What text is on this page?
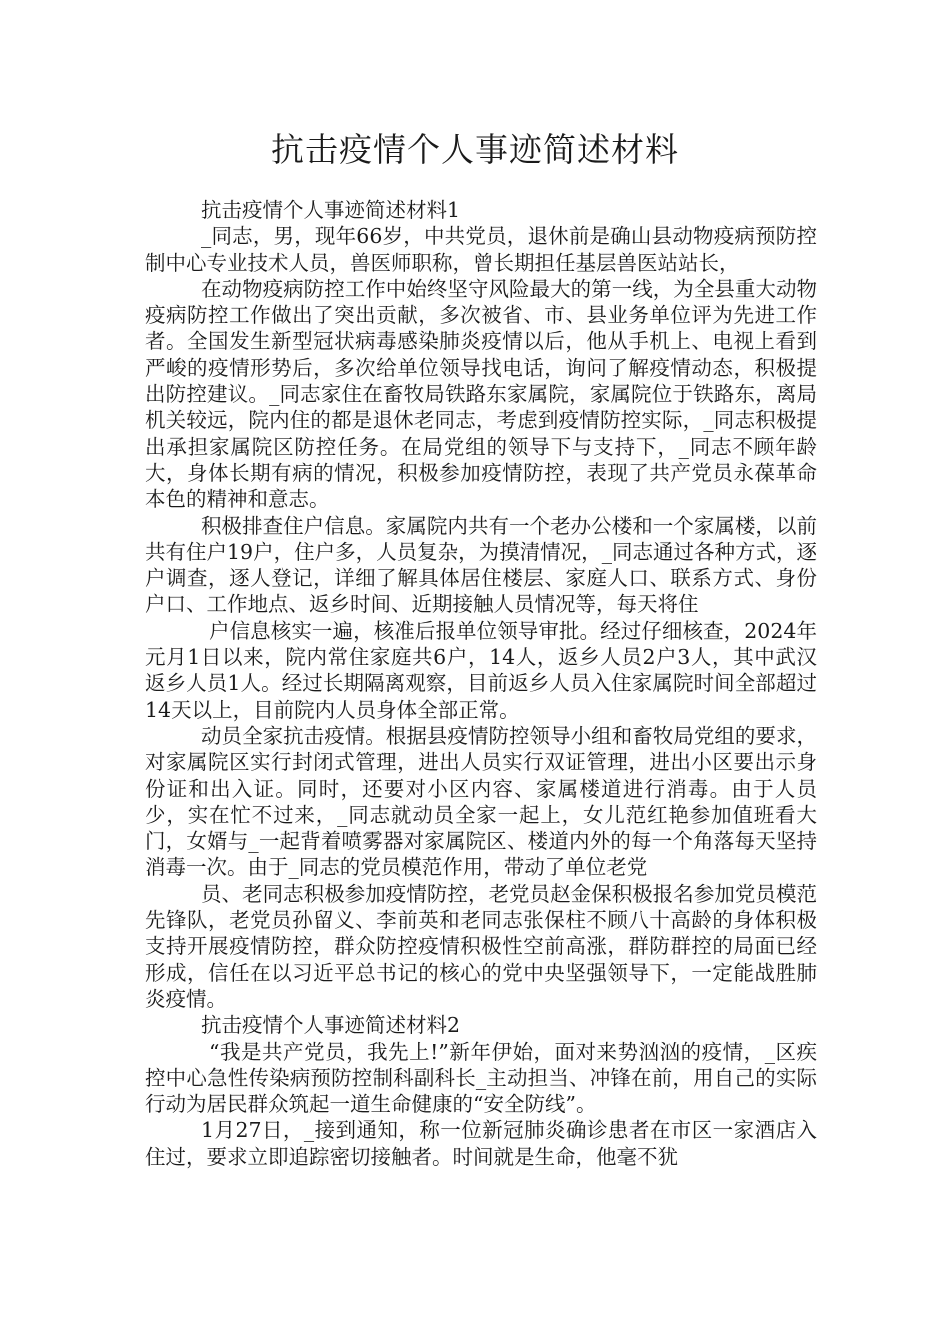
抗击疫情个人事迹简述材料

抗击疫情个人事迹简述材料1

_同志，男，现年66岁，中共党员，退休前是确山县动物疫病预防控制中心专业技术人员，兽医师职称，曾长期担任基层兽医站站长，

在动物疫病防控工作中始终坚守风险最大的第一线，为全县重大动物疫病防控工作做出了突出贡献，多次被省、市、县业务单位评为先进工作者。全国发生新型冠状病毒感染肺炎疫情以后，他从手机上、电视上看到严峻的疫情形势后，多次给单位领导找电话，询问了解疫情动态，积极提出防控建议。_同志家住在畜牧局铁路东家属院，家属院位于铁路东，离局机关较远，院内住的都是退休老同志，考虑到疫情防控实际，_同志积极提出承担家属院区防控任务。在局党组的领导下与支持下，_同志不顾年龄大，身体长期有病的情况，积极参加疫情防控，表现了共产党员永葆革命本色的精神和意志。

积极排查住户信息。家属院内共有一个老办公楼和一个家属楼，以前共有住户19户，住户多，人员复杂，为摸清情况，_同志通过各种方式，逐户调查，逐人登记，详细了解具体居住楼层、家庭人口、联系方式、身份户口、工作地点、返乡时间、近期接触人员情况等，每天将住

户信息核实一遍，核准后报单位领导审批。经过仔细核查，2024年元月1日以来，院内常住家庭共6户，14人，返乡人员2户3人，其中武汉返乡人员1人。经过长期隔离观察，目前返乡人员入住家属院时间全部超过14天以上，目前院内人员身体全部正常。

动员全家抗击疫情。根据县疫情防控领导小组和畜牧局党组的要求，对家属院区实行封闭式管理，进出人员实行双证管理，进出小区要出示身份证和出入证。同时，还要对小区内容、家属楼道进行消毒。由于人员少，实在忙不过来，_同志就动员全家一起上，女儿范红艳参加值班看大门，女婿与_一起背着喷雾器对家属院区、楼道内外的每一个角落每天坚持消毒一次。由于_同志的党员模范作用，带动了单位老党

员、老同志积极参加疫情防控，老党员赵金保积极报名参加党员模范先锋队，老党员孙留义、李前英和老同志张保柱不顾八十高龄的身体积极支持开展疫情防控，群众防控疫情积极性空前高涨，群防群控的局面已经形成，信任在以习近平总书记的核心的党中央坚强领导下，一定能战胜肺炎疫情。

抗击疫情个人事迹简述材料2

“我是共产党员，我先上!”新年伊始，面对来势汹汹的疫情，_区疾控中心急性传染病预防控制科副科长_主动担当、冲锋在前，用自己的实际行动为居民群众筑起一道生命健康的“安全防线”。

1月27日，_接到通知，称一位新冠肺炎确诊患者在市区一家酒店入住过，要求立即追踪密切接触者。时间就是生命，他毫不犹
